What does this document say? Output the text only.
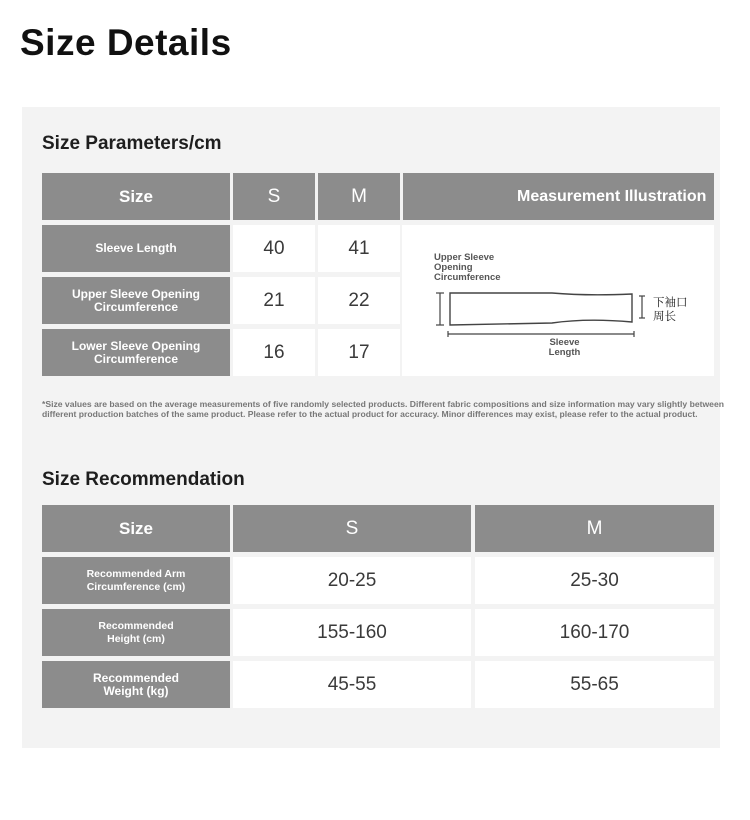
Size Details
Size Parameters/cm
Size	S	M	Measurement Illustration
Sleeve Length	40	41
Upper Sleeve Opening Circumference	21	22
Lower Sleeve Opening Circumference	16	17
Upper Sleeve Opening Circumference
下袖口周长
Sleeve Length
*Size values are based on the average measurements of five randomly selected products. Different fabric compositions and size information may vary slightly between different production batches of the same product. Please refer to the actual product for accuracy. Minor differences may exist, please refer to the actual product.
Size Recommendation
Size	S	M
Recommended Arm Circumference (cm)	20-25	25-30
Recommended Height (cm)	155-160	160-170
Recommended Weight (kg)	45-55	55-65
